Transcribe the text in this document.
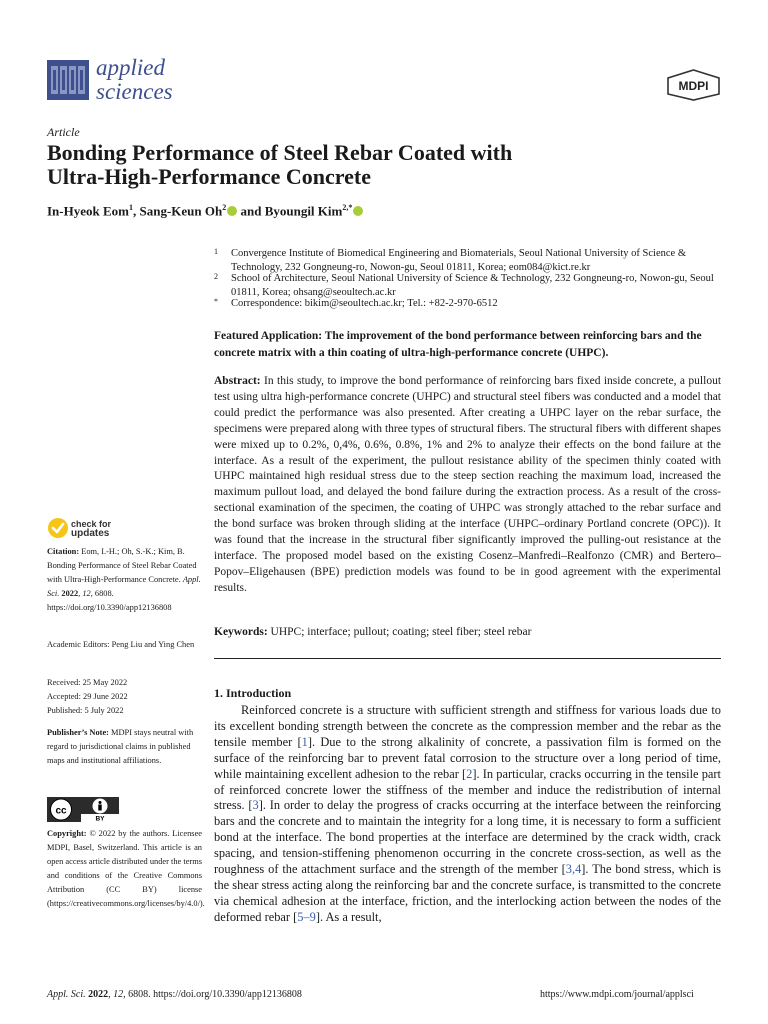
applied
sciences	MDPI
Article
Bonding Performance of Steel Rebar Coated with
Ultra-High-Performance Concrete
In-Hyeok Eom$^1$, Sang-Keun Oh$^2$ and Byoungil Kim$^{2,*}$
1	Convergence Institute of Biomedical Engineering and Biomaterials, Seoul National University of Science & Technology, 232 Gongneung-ro, Nowon-gu, Seoul 01811, Korea; eom084@kict.re.kr
2	School of Architecture, Seoul National University of Science & Technology, 232 Gongneung-ro, Nowon-gu, Seoul 01811, Korea; ohsang@seoultech.ac.kr
*	Correspondence: bikim@seoultech.ac.kr; Tel.: +82-2-970-6512
Featured Application: The improvement of the bond performance between reinforcing bars and the concrete matrix with a thin coating of ultra-high-performance concrete (UHPC).
Abstract: In this study, to improve the bond performance of reinforcing bars fixed inside concrete, a pullout test using ultra high-performance concrete (UHPC) and structural steel fibers was conducted and a model that could predict the performance was also presented. After creating a UHPC layer on the rebar surface, the specimens were prepared along with three types of structural fibers. The structural fibers with different shapes were mixed up to 0.2%, 0,4%, 0.6%, 0.8%, 1% and 2% to analyze their effects on the bond failure at the interface. As a result of the experiment, the pullout resistance ability of the specimen thinly coated with UHPC maintained high residual stress due to the steep section reaching the maximum load, increased the maximum pullout load, and delayed the bond failure during the extraction process. As a result of the cross-sectional examination of the specimen, the coating of UHPC was strongly attached to the rebar surface and the bond surface was broken through sliding at the interface (UHPC–ordinary Portland concrete (OPC)). It was found that the increase in the structural fiber significantly improved the pulling-out resistance at the interface. The proposed model based on the existing Cosenz–Manfredi–Realfonzo (CMR) and Bertero–Popov–Eligehausen (BPE) prediction models was found to be in good agreement with the experimental results.
Keywords: UHPC; interface; pullout; coating; steel fiber; steel rebar
1. Introduction

Reinforced concrete is a structure with sufficient strength and stiffness for various loads due to its excellent bonding strength between the concrete as the compression member and the rebar as the tensile member [1]. Due to the strong alkalinity of concrete, a passivation film is formed on the surface of the reinforcing bar to prevent fatal corrosion to the structure over a long period of time, while maintaining excellent adhesion to the rebar [2]. In particular, cracks occurring in the tensile part of reinforced concrete lower the stiffness of the member and induce the redistribution of internal stress. [3]. In order to delay the progress of cracks occurring at the interface between the reinforcing bars and the concrete and to maintain the integrity for a long time, it is necessary to form a sufficient bond at the interface. The bond properties at the interface are determined by the crack width, crack spacing, and tension-stiffening phenomenon occurring in the concrete cross-section, as well as the roughness of the attachment surface and the strength of the member [3,4]. The bond stress, which is the shear stress acting along the reinforcing bar and the concrete surface, is transmitted to the concrete via chemical adhesion at the interface, friction, and the interlocking action between the nodes of the deformed rebar [5–9]. As a result,

check for
updates
Citation: Eom, I.-H.; Oh, S.-K.; Kim, B. Bonding Performance of Steel Rebar Coated with Ultra-High-Performance Concrete. Appl. Sci. 2022, 12, 6808. https://doi.org/10.3390/app12136808
Academic Editors: Peng Liu and Ying Chen
Received: 25 May 2022
Accepted: 29 June 2022
Published: 5 July 2022
Publisher’s Note: MDPI stays neutral with regard to jurisdictional claims in published maps and institutional affiliations.
cc
BY
Copyright: © 2022 by the authors. Licensee MDPI, Basel, Switzerland. This article is an open access article distributed under the terms and conditions of the Creative Commons Attribution (CC BY) license (https://creativecommons.org/licenses/by/4.0/).
Appl. Sci. 2022, 12, 6808. https://doi.org/10.3390/app12136808	https://www.mdpi.com/journal/applsci
